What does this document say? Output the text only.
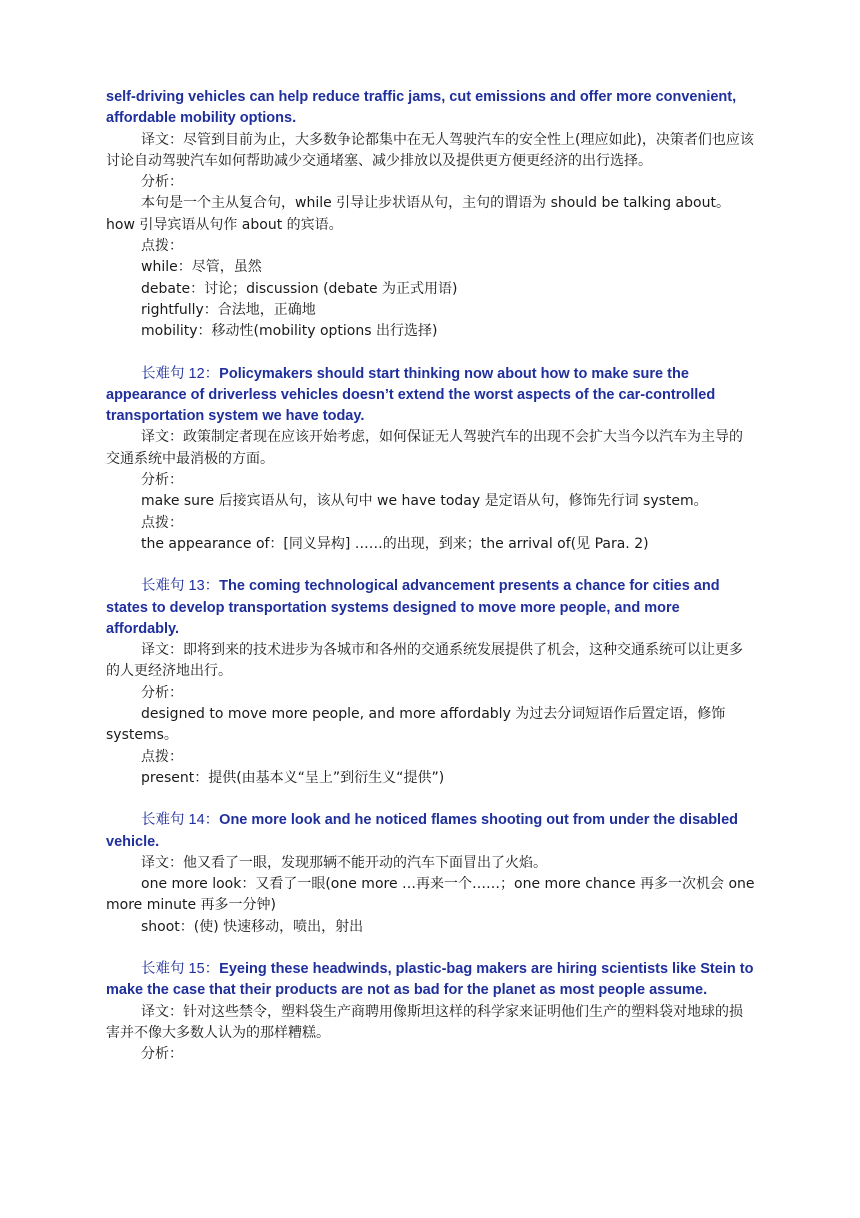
self-driving vehicles can help reduce traffic jams, cut emissions and offer more convenient, affordable mobility options.
译文：尽管到目前为止，大多数争论都集中在无人驾驶汽车的安全性上(理应如此)，决策者们也应该讨论自动驾驶汽车如何帮助减少交通堵塞、减少排放以及提供更方便更经济的出行选择。
分析：
本句是一个主从复合句，while 引导让步状语从句，主句的谓语为 should be talking about。how 引导宾语从句作 about 的宾语。
点拨：
while：尽管，虽然
debate：讨论；discussion (debate 为正式用语)
rightfully：合法地，正确地
mobility：移动性(mobility options 出行选择)
长难句 12：Policymakers should start thinking now about how to make sure the appearance of driverless vehicles doesn’t extend the worst aspects of the car-controlled transportation system we have today.
译文：政策制定者现在应该开始考虑，如何保证无人驾驶汽车的出现不会扩大当今以汽车为主导的交通系统中最消极的方面。
分析：
make sure 后接宾语从句，该从句中 we have today 是定语从句，修饰先行词 system。
点拨：
the appearance of：[同义异构] ……的出现，到来；the arrival of(见 Para. 2)
长难句 13：The coming technological advancement presents a chance for cities and states to develop transportation systems designed to move more people, and more affordably.
译文：即将到来的技术进步为各城市和各州的交通系统发展提供了机会，这种交通系统可以让更多的人更经济地出行。
分析：
designed to move more people, and more affordably 为过去分词短语作后置定语，修饰 systems。
点拨：
present：提供(由基本义“呈上”到衍生义“提供”)
长难句 14：One more look and he noticed flames shooting out from under the disabled vehicle.
译文：他又看了一眼，发现那辆不能开动的汽车下面冒出了火焰。
one more look：又看了一眼(one more …再来一个……；one more chance 再多一次机会 one more minute 再多一分钟)
shoot：(使) 快速移动，喷出，射出
长难句 15：Eyeing these headwinds, plastic-bag makers are hiring scientists like Stein to make the case that their products are not as bad for the planet as most people assume.
译文：针对这些禁令，塑料袋生产商聘用像斯坦这样的科学家来证明他们生产的塑料袋对地球的损害并不像大多数人认为的那样糟糕。
分析：
